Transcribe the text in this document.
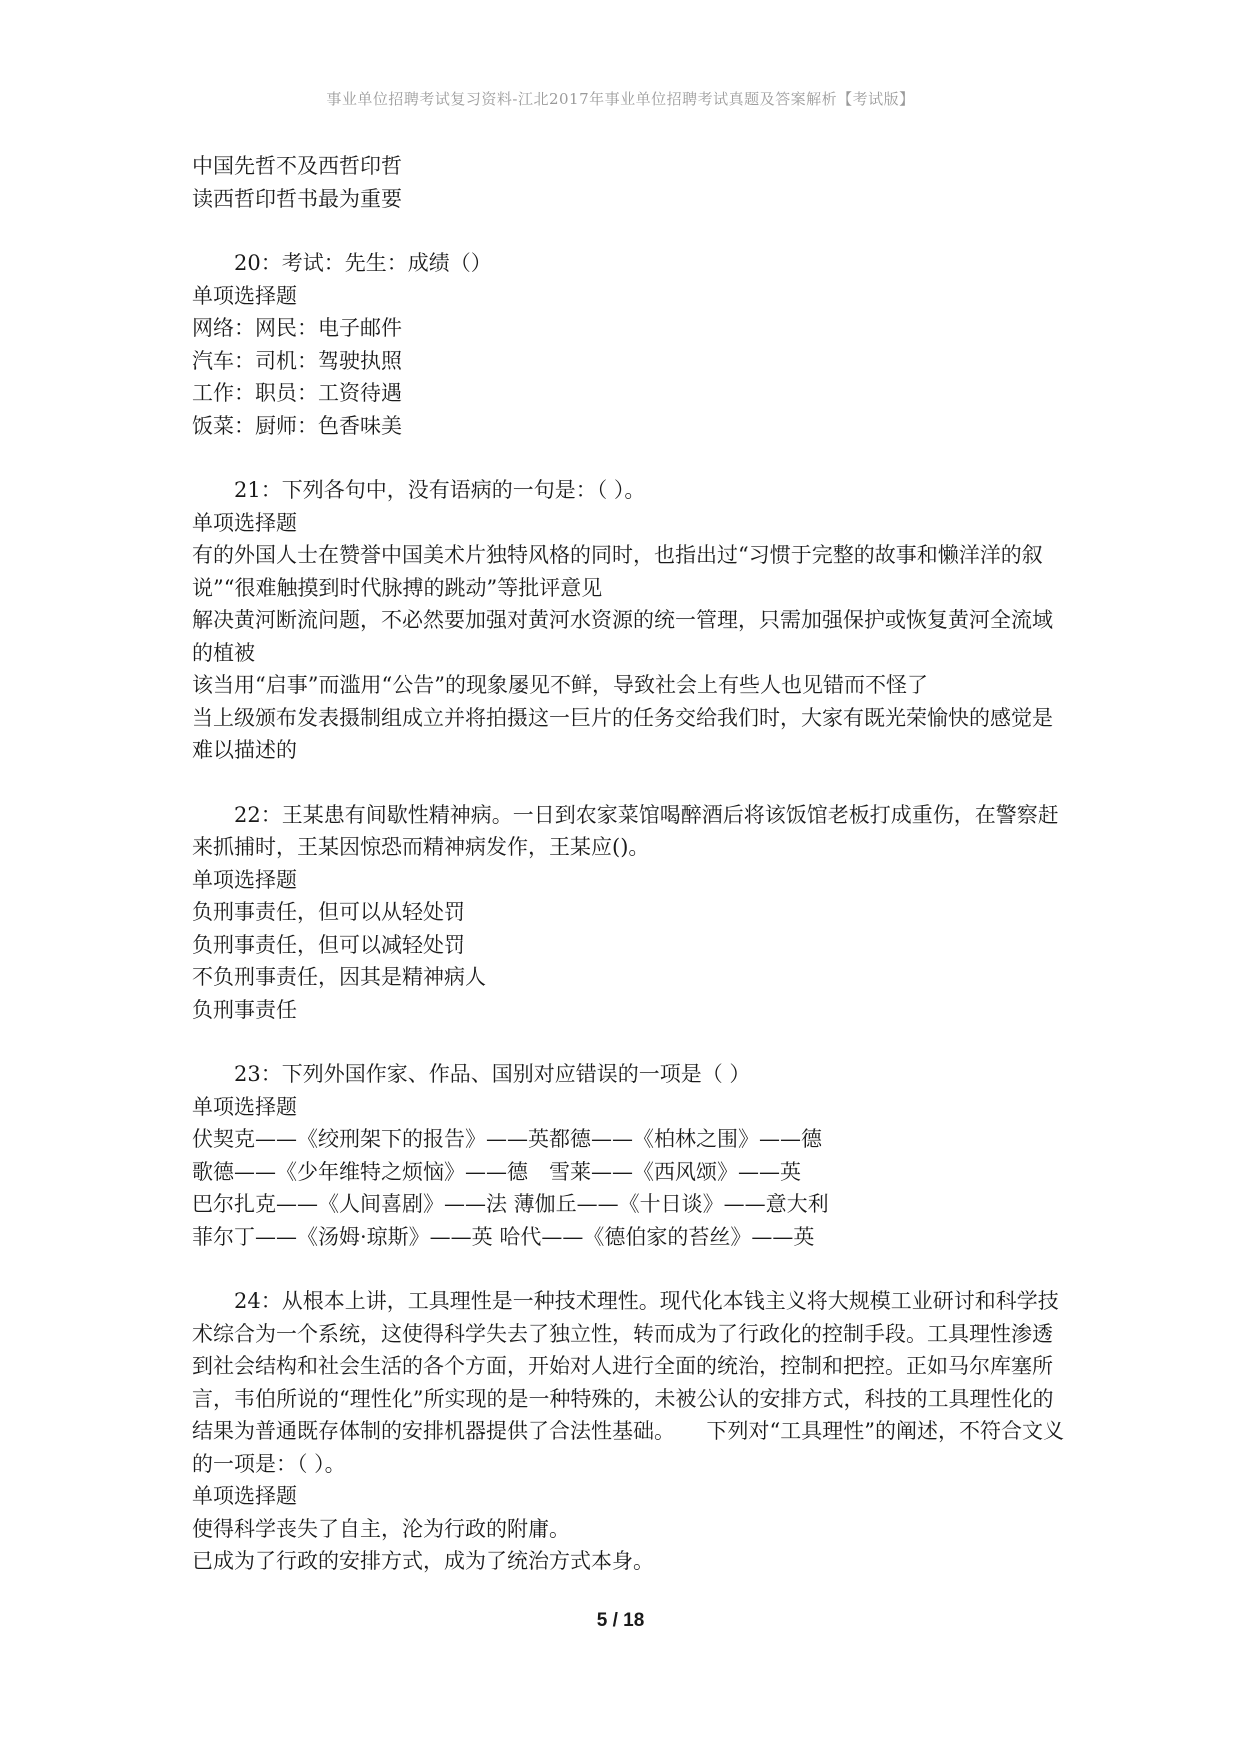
事业单位招聘考试复习资料-江北2017年事业单位招聘考试真题及答案解析【考试版】
中国先哲不及西哲印哲
读西哲印哲书最为重要
20：考试：先生：成绩（）
单项选择题
网络：网民：电子邮件
汽车：司机：驾驶执照
工作：职员：工资待遇
饭菜：厨师：色香味美
21：下列各句中，没有语病的一句是：（ ）。
单项选择题
有的外国人士在赞誉中国美术片独特风格的同时，也指出过“习惯于完整的故事和懒洋洋的叙说”“很难触摸到时代脉搏的跳动”等批评意见
解决黄河断流问题，不必然要加强对黄河水资源的统一管理，只需加强保护或恢复黄河全流域的植被
该当用“启事”而滥用“公告”的现象屡见不鲜，导致社会上有些人也见错而不怪了
当上级颁布发表摄制组成立并将拍摄这一巨片的任务交给我们时，大家有既光荣愉快的感觉是难以描述的
22：王某患有间歇性精神病。一日到农家菜馆喝醉酒后将该饭馆老板打成重伤，在警察赶来抓捕时，王某因惊恐而精神病发作，王某应()。
单项选择题
负刑事责任，但可以从轻处罚
负刑事责任，但可以减轻处罚
不负刑事责任，因其是精神病人
负刑事责任
23：下列外国作家、作品、国别对应错误的一项是（ ）
单项选择题
伏契克——《绞刑架下的报告》——英都德——《柏林之围》——德
歌德——《少年维特之烦恼》——德　雪莱——《西风颂》——英
巴尔扎克——《人间喜剧》——法 薄伽丘——《十日谈》——意大利
菲尔丁——《汤姆·琼斯》——英 哈代——《德伯家的苔丝》——英
24：从根本上讲，工具理性是一种技术理性。现代化本钱主义将大规模工业研讨和科学技术综合为一个系统，这使得科学失去了独立性，转而成为了行政化的控制手段。工具理性渗透到社会结构和社会生活的各个方面，开始对人进行全面的统治，控制和把控。正如马尔库塞所言，韦伯所说的“理性化”所实现的是一种特殊的，未被公认的安排方式，科技的工具理性化的结果为普通既存体制的安排机器提供了合法性基础。　　下列对“工具理性”的阐述，不符合文义的一项是：（ ）。
单项选择题
使得科学丧失了自主，沦为行政的附庸。
已成为了行政的安排方式，成为了统治方式本身。
5 / 18
